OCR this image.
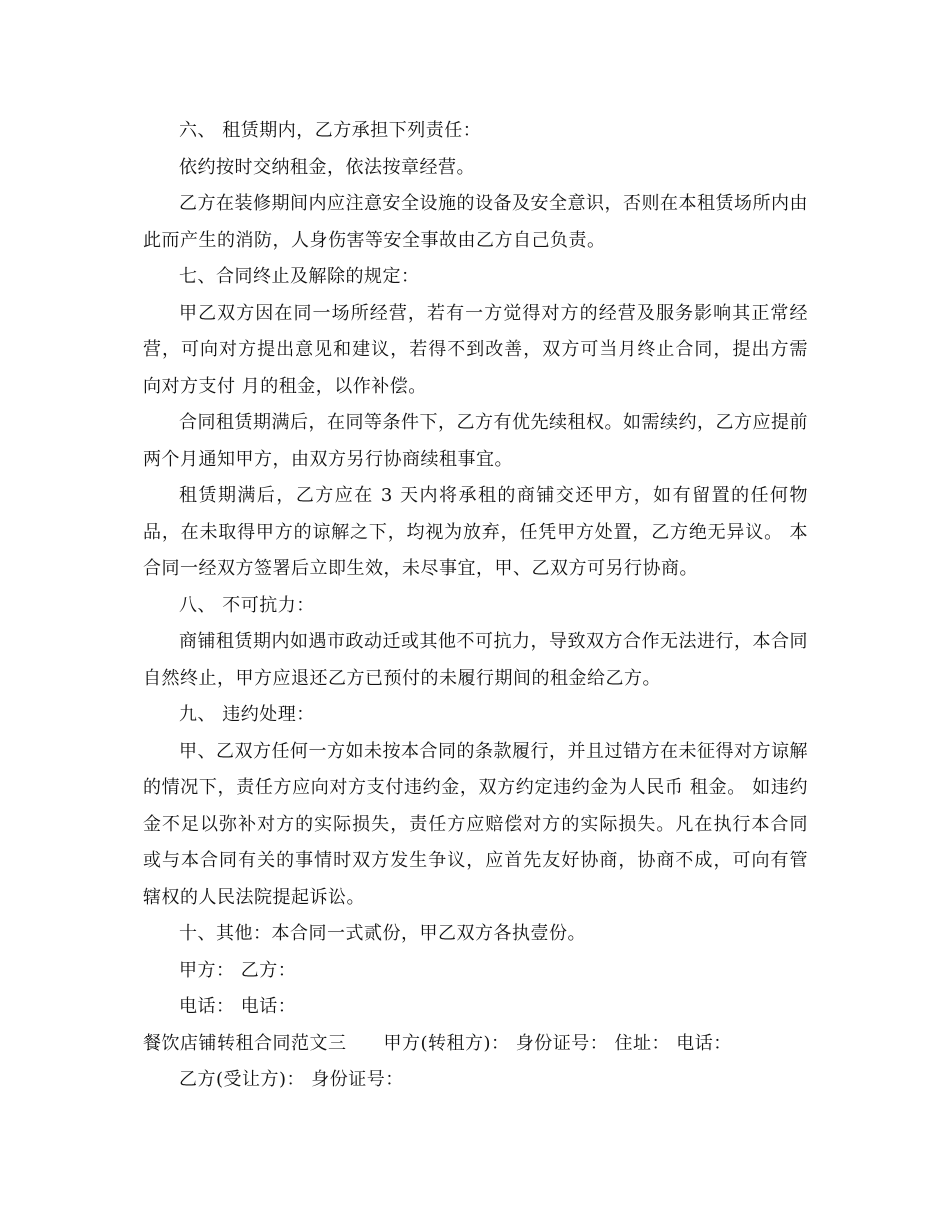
六、 租赁期内，乙方承担下列责任：

依约按时交纳租金，依法按章经营。

乙方在装修期间内应注意安全设施的设备及安全意识，否则在本租赁场所内由此而产生的消防，人身伤害等安全事故由乙方自己负责。

七、合同终止及解除的规定：

甲乙双方因在同一场所经营，若有一方觉得对方的经营及服务影响其正常经营，可向对方提出意见和建议，若得不到改善，双方可当月终止合同，提出方需向对方支付 月的租金，以作补偿。

合同租赁期满后，在同等条件下，乙方有优先续租权。如需续约，乙方应提前两个月通知甲方，由双方另行协商续租事宜。

租赁期满后，乙方应在 3 天内将承租的商铺交还甲方，如有留置的任何物品，在未取得甲方的谅解之下，均视为放弃，任凭甲方处置，乙方绝无异议。 本合同一经双方签署后立即生效，未尽事宜，甲、乙双方可另行协商。

八、 不可抗力：

商铺租赁期内如遇市政动迁或其他不可抗力，导致双方合作无法进行，本合同自然终止，甲方应退还乙方已预付的未履行期间的租金给乙方。

九、 违约处理：

甲、乙双方任何一方如未按本合同的条款履行，并且过错方在未征得对方谅解的情况下，责任方应向对方支付违约金，双方约定违约金为人民币 租金。 如违约金不足以弥补对方的实际损失，责任方应赔偿对方的实际损失。凡在执行本合同或与本合同有关的事情时双方发生争议，应首先友好协商，协商不成，可向有管辖权的人民法院提起诉讼。

十、其他：本合同一式贰份，甲乙双方各执壹份。

甲方： 乙方：

电话： 电话：

餐饮店铺转租合同范文三　　甲方(转租方)： 身份证号： 住址： 电话：

乙方(受让方)： 身份证号：
